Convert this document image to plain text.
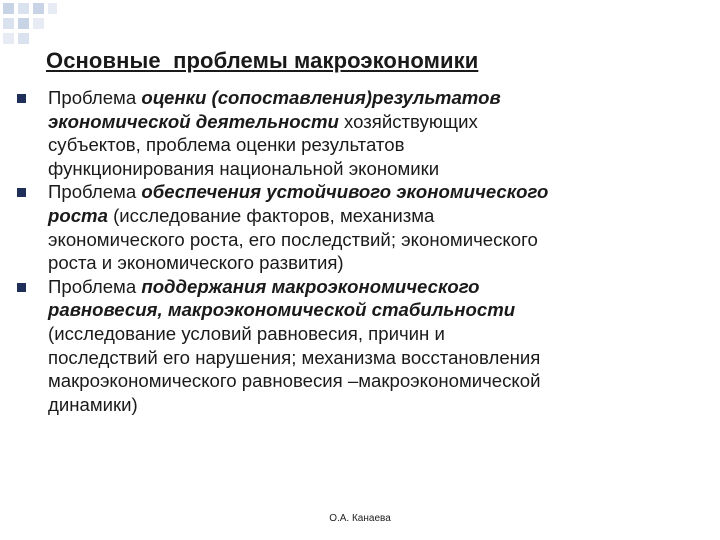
Основные  проблемы макроэкономики
Проблема оценки (сопоставления)результатов
экономической деятельности хозяйствующих
субъектов, проблема оценки результатов
функционирования национальной экономики
Проблема обеспечения устойчивого экономического
роста (исследование факторов, механизма
экономического роста, его последствий; экономического
роста и экономического развития)
Проблема поддержания макроэкономического
равновесия, макроэкономической стабильности
(исследование условий равновесия, причин и
последствий его нарушения; механизма восстановления
макроэкономического равновесия –макроэкономической
динамики)
О.А. Канаева
